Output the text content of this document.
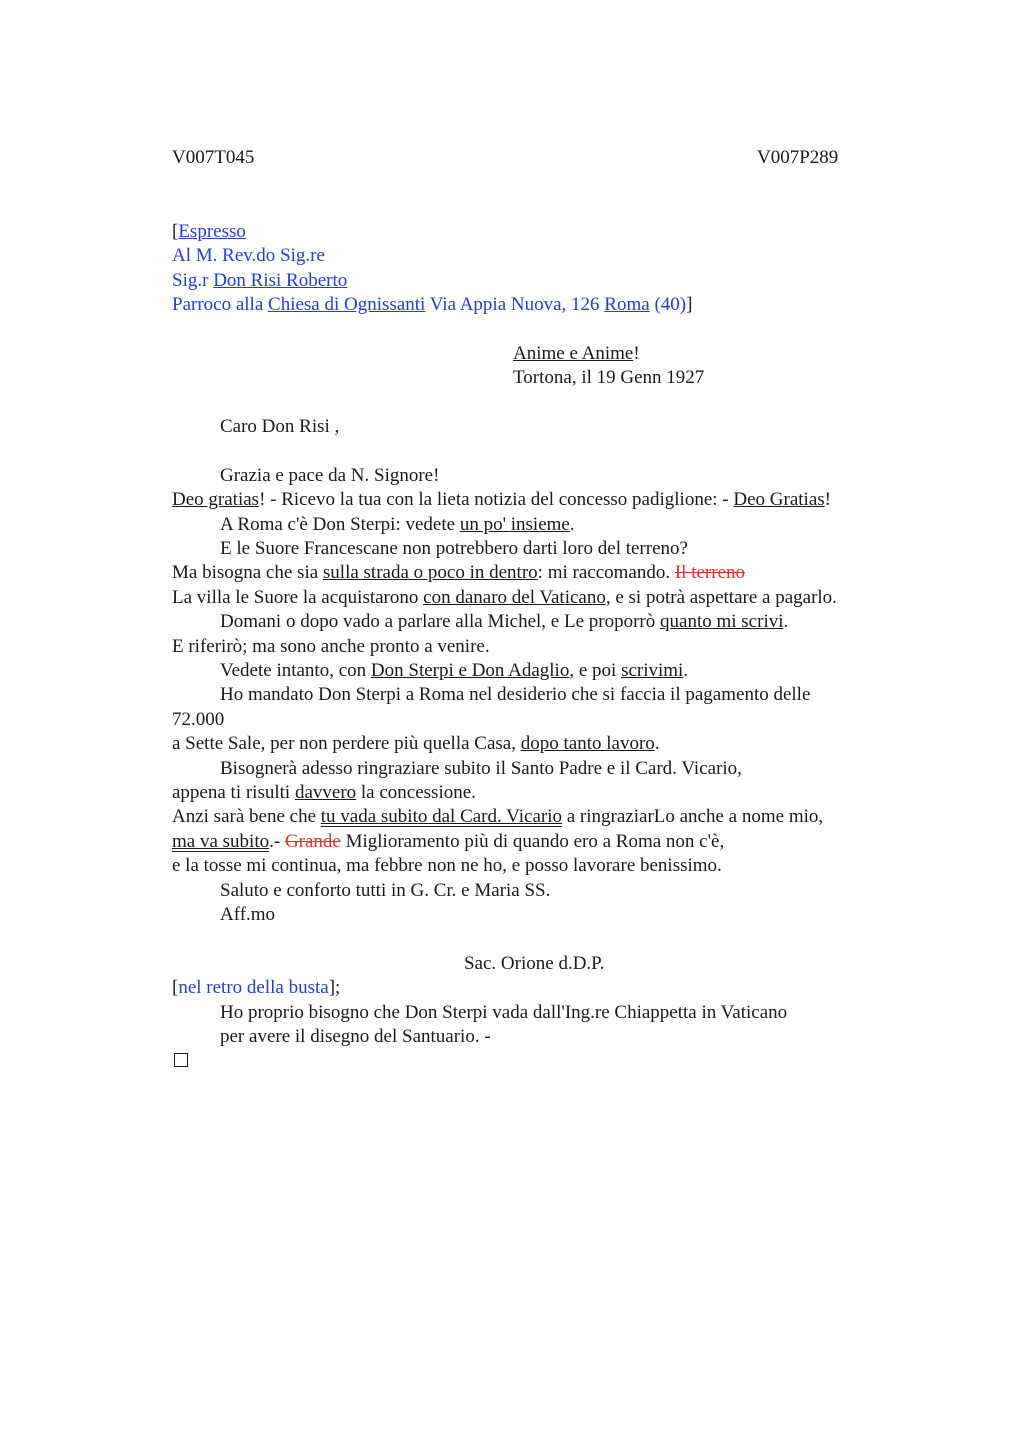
V007T045	V007P289
[Espresso
Al M. Rev.do Sig.re
Sig.r Don Risi Roberto
Parroco alla Chiesa di Ognissanti Via Appia Nuova, 126 Roma (40)]
Anime e Anime!
Tortona, il 19 Genn 1927
Caro Don Risi ,
Grazia e pace da N. Signore!
Deo gratias! - Ricevo la tua con la lieta notizia del concesso padiglione: - Deo Gratias!
A Roma c'è Don Sterpi: vedete un po' insieme.
E le Suore Francescane non potrebbero darti loro del terreno?
Ma bisogna che sia sulla strada o poco in dentro: mi raccomando. Il terreno
La villa le Suore la acquistarono con danaro del Vaticano, e si potrà aspettare a pagarlo.
Domani o dopo vado a parlare alla Michel, e Le proporrò quanto mi scrivi.
E riferirò; ma sono anche pronto a venire.
Vedete intanto, con Don Sterpi e Don Adaglio, e poi scrivimi.
Ho mandato Don Sterpi a Roma nel desiderio che si faccia il pagamento delle
72.000
a Sette Sale, per non perdere più quella Casa, dopo tanto lavoro.
Bisognerà adesso ringraziare subito il Santo Padre e il Card. Vicario,
appena ti risulti davvero la concessione.
Anzi sarà bene che tu vada subito dal Card. Vicario a ringraziarLo anche a nome mio,
ma va subito.- Grande Miglioramento più di quando ero a Roma non c'è,
e la tosse mi continua, ma febbre non ne ho, e posso lavorare benissimo.
Saluto e conforto tutti in G. Cr. e Maria SS.
Aff.mo
Sac. Orione d.D.P.
[nel retro della busta];
Ho proprio bisogno che Don Sterpi vada dall'Ing.re Chiappetta in Vaticano
per avere il disegno del Santuario. -
